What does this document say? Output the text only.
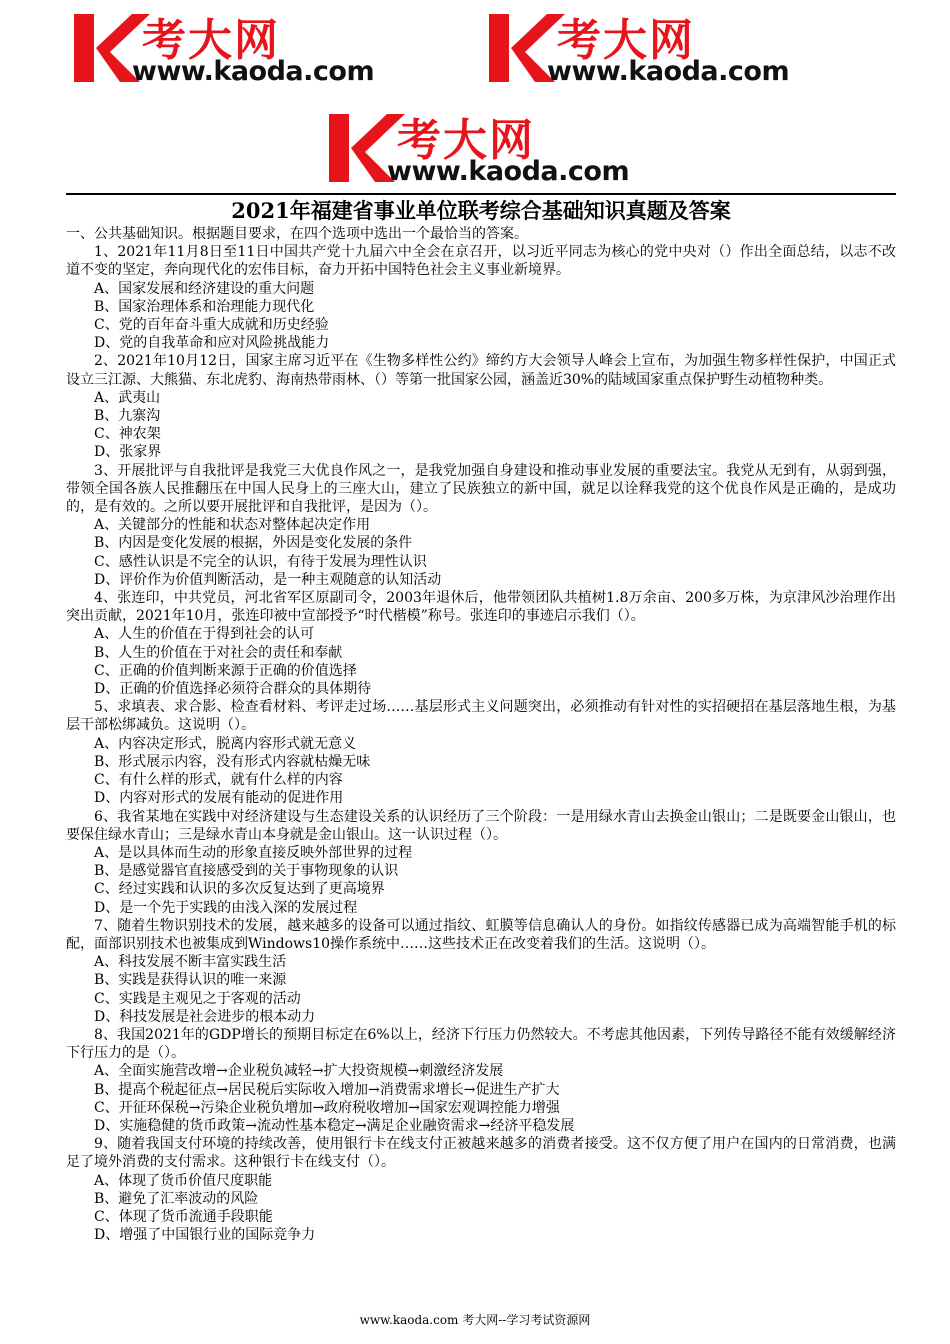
考大网
www.kaoda.com
考大网
www.kaoda.com
考大网
www.kaoda.com
2021年福建省事业单位联考综合基础知识真题及答案

一、公共基础知识。根据题目要求，在四个选项中选出一个最恰当的答案。

1、2021年11月8日至11日中国共产党十九届六中全会在京召开，以习近平同志为核心的党中央对（）作出全面总结，以志不改道不变的坚定，奔向现代化的宏伟目标，奋力开拓中国特色社会主义事业新境界。

A、国家发展和经济建设的重大问题

B、国家治理体系和治理能力现代化

C、党的百年奋斗重大成就和历史经验

D、党的自我革命和应对风险挑战能力

2、2021年10月12日，国家主席习近平在《生物多样性公约》缔约方大会领导人峰会上宣布，为加强生物多样性保护，中国正式设立三江源、大熊猫、东北虎豹、海南热带雨林、（）等第一批国家公园，涵盖近30%的陆域国家重点保护野生动植物种类。

A、武夷山

B、九寨沟

C、神农架

D、张家界

3、开展批评与自我批评是我党三大优良作风之一，是我党加强自身建设和推动事业发展的重要法宝。我党从无到有，从弱到强，带领全国各族人民推翻压在中国人民身上的三座大山，建立了民族独立的新中国，就足以诠释我党的这个优良作风是正确的，是成功的，是有效的。之所以要开展批评和自我批评，是因为（）。

A、关键部分的性能和状态对整体起决定作用

B、内因是变化发展的根据，外因是变化发展的条件

C、感性认识是不完全的认识，有待于发展为理性认识

D、评价作为价值判断活动，是一种主观随意的认知活动

4、张连印，中共党员，河北省军区原副司令，2003年退休后，他带领团队共植树1.8万余亩、200多万株，为京津风沙治理作出突出贡献，2021年10月，张连印被中宣部授予“时代楷模”称号。张连印的事迹启示我们（）。

A、人生的价值在于得到社会的认可

B、人生的价值在于对社会的责任和奉献

C、正确的价值判断来源于正确的价值选择

D、正确的价值选择必须符合群众的具体期待

5、求填表、求合影、检查看材料、考评走过场……基层形式主义问题突出，必须推动有针对性的实招硬招在基层落地生根，为基层干部松绑减负。这说明（）。

A、内容决定形式，脱离内容形式就无意义

B、形式展示内容，没有形式内容就枯燥无味

C、有什么样的形式，就有什么样的内容

D、内容对形式的发展有能动的促进作用

6、我省某地在实践中对经济建设与生态建设关系的认识经历了三个阶段：一是用绿水青山去换金山银山；二是既要金山银山，也要保住绿水青山；三是绿水青山本身就是金山银山。这一认识过程（）。

A、是以具体而生动的形象直接反映外部世界的过程

B、是感觉器官直接感受到的关于事物现象的认识

C、经过实践和认识的多次反复达到了更高境界

D、是一个先于实践的由浅入深的发展过程

7、随着生物识别技术的发展，越来越多的设备可以通过指纹、虹膜等信息确认人的身份。如指纹传感器已成为高端智能手机的标配，面部识别技术也被集成到Windows10操作系统中……这些技术正在改变着我们的生活。这说明（）。

A、科技发展不断丰富实践生活

B、实践是获得认识的唯一来源

C、实践是主观见之于客观的活动

D、科技发展是社会进步的根本动力

8、我国2021年的GDP增长的预期目标定在6%以上，经济下行压力仍然较大。不考虑其他因素，下列传导路径不能有效缓解经济下行压力的是（）。

A、全面实施营改增→企业税负减轻→扩大投资规模→刺激经济发展

B、提高个税起征点→居民税后实际收入增加→消费需求增长→促进生产扩大

C、开征环保税→污染企业税负增加→政府税收增加→国家宏观调控能力增强

D、实施稳健的货币政策→流动性基本稳定→满足企业融资需求→经济平稳发展

9、随着我国支付环境的持续改善，使用银行卡在线支付正被越来越多的消费者接受。这不仅方便了用户在国内的日常消费，也满足了境外消费的支付需求。这种银行卡在线支付（）。

A、体现了货币价值尺度职能

B、避免了汇率波动的风险

C、体现了货币流通手段职能

D、增强了中国银行业的国际竞争力

www.kaoda.com 考大网--学习考试资源网
